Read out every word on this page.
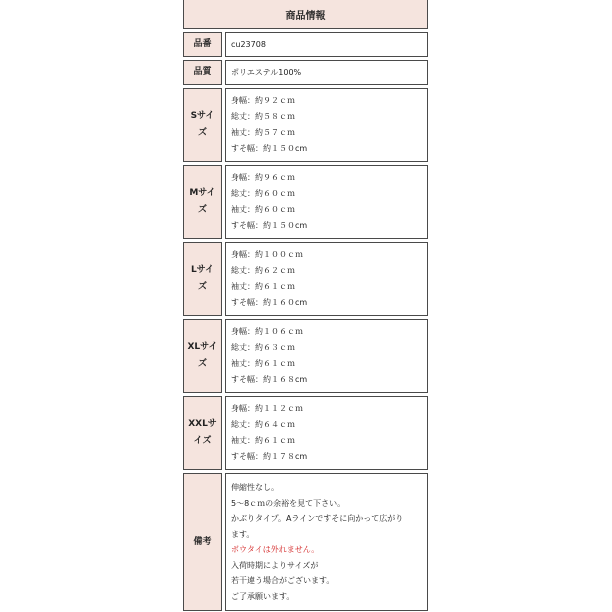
商品情報
品番 cu23708
品質 ポリエステル100%
Sサイ
ズ
身幅：約９２ｃｍ
総丈：約５８ｃｍ
袖丈：約５７ｃｍ
すそ幅：約１５０cm
Mサイ
ズ
身幅：約９６ｃｍ
総丈：約６０ｃｍ
袖丈：約６０ｃｍ
すそ幅：約１５０cm
Lサイ
ズ
身幅：約１００ｃｍ
総丈：約６２ｃｍ
袖丈：約６１ｃｍ
すそ幅：約１６０cm
XLサイ
ズ
身幅：約１０６ｃｍ
総丈：約６３ｃｍ
袖丈：約６１ｃｍ
すそ幅：約１６８cm
XXLサ
イズ
身幅：約１１２ｃｍ
総丈：約６４ｃｍ
袖丈：約６１ｃｍ
すそ幅：約１７８cm
備考
伸縮性なし。
5～8ｃｍの余裕を見て下さい。
かぶりタイプ。Aラインですそに向かって広がり
ます。
ボウタイは外れません。
入荷時期によりサイズが
若干違う場合がございます。
ご了承願います。
